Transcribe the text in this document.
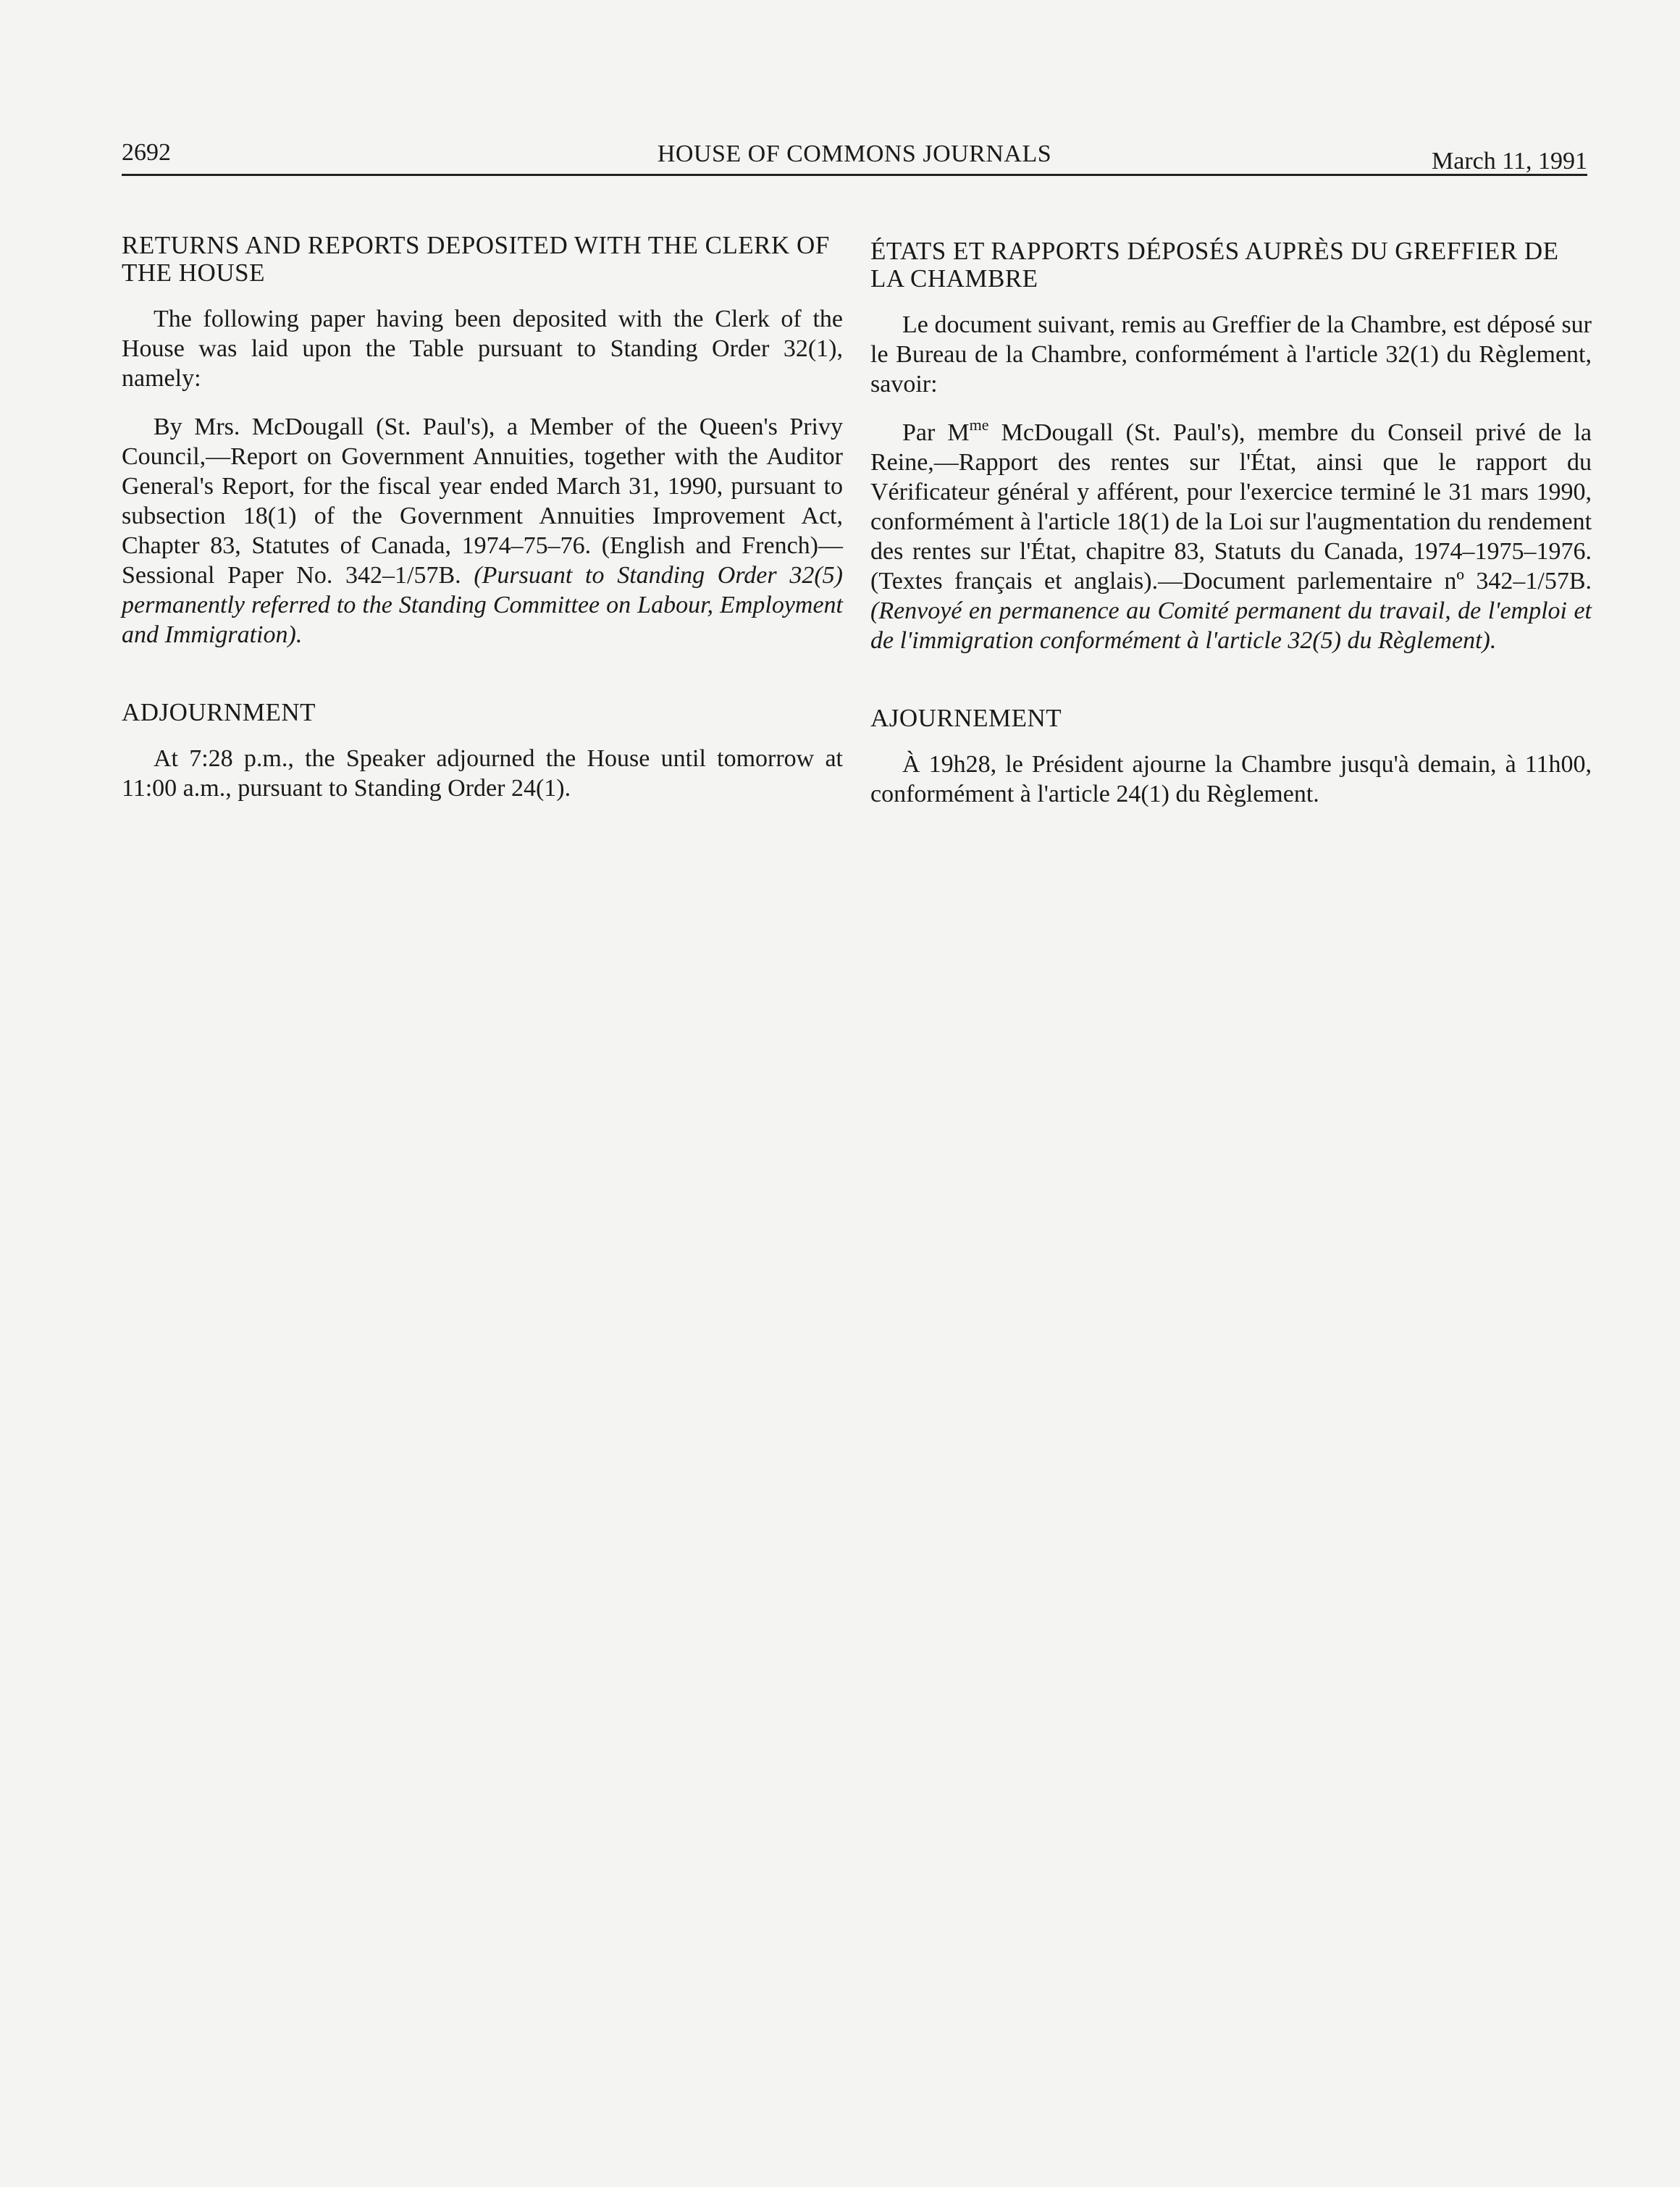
2692	HOUSE OF COMMONS JOURNALS	March 11, 1991
RETURNS AND REPORTS DEPOSITED WITH THE CLERK OF THE HOUSE

The following paper having been deposited with the Clerk of the House was laid upon the Table pursuant to Standing Order 32(1), namely:

By Mrs. McDougall (St. Paul's), a Member of the Queen's Privy Council,—Report on Government Annuities, together with the Auditor General's Report, for the fiscal year ended March 31, 1990, pursuant to subsection 18(1) of the Government Annuities Improvement Act, Chapter 83, Statutes of Canada, 1974–75–76. (English and French)—Sessional Paper No. 342–1/57B. (Pursuant to Standing Order 32(5) permanently referred to the Standing Committee on Labour, Employment and Immigration).

ADJOURNMENT

At 7:28 p.m., the Speaker adjourned the House until tomorrow at 11:00 a.m., pursuant to Standing Order 24(1).

ÉTATS ET RAPPORTS DÉPOSÉS AUPRÈS DU GREFFIER DE LA CHAMBRE

Le document suivant, remis au Greffier de la Chambre, est déposé sur le Bureau de la Chambre, conformément à l'article 32(1) du Règlement, savoir:

Par $M^{me}$ McDougall (St. Paul's), membre du Conseil privé de la Reine,—Rapport des rentes sur l'État, ainsi que le rapport du Vérificateur général y afférent, pour l'exercice terminé le 31 mars 1990, conformément à l'article 18(1) de la Loi sur l'augmentation du rendement des rentes sur l'État, chapitre 83, Statuts du Canada, 1974–1975–1976. (Textes français et anglais).—Document parlementaire nº 342–1/57B. (Renvoyé en permanence au Comité permanent du travail, de l'emploi et de l'immigration conformément à l'article 32(5) du Règlement).

AJOURNEMENT

À 19h28, le Président ajourne la Chambre jusqu'à demain, à 11h00, conformément à l'article 24(1) du Règlement.
